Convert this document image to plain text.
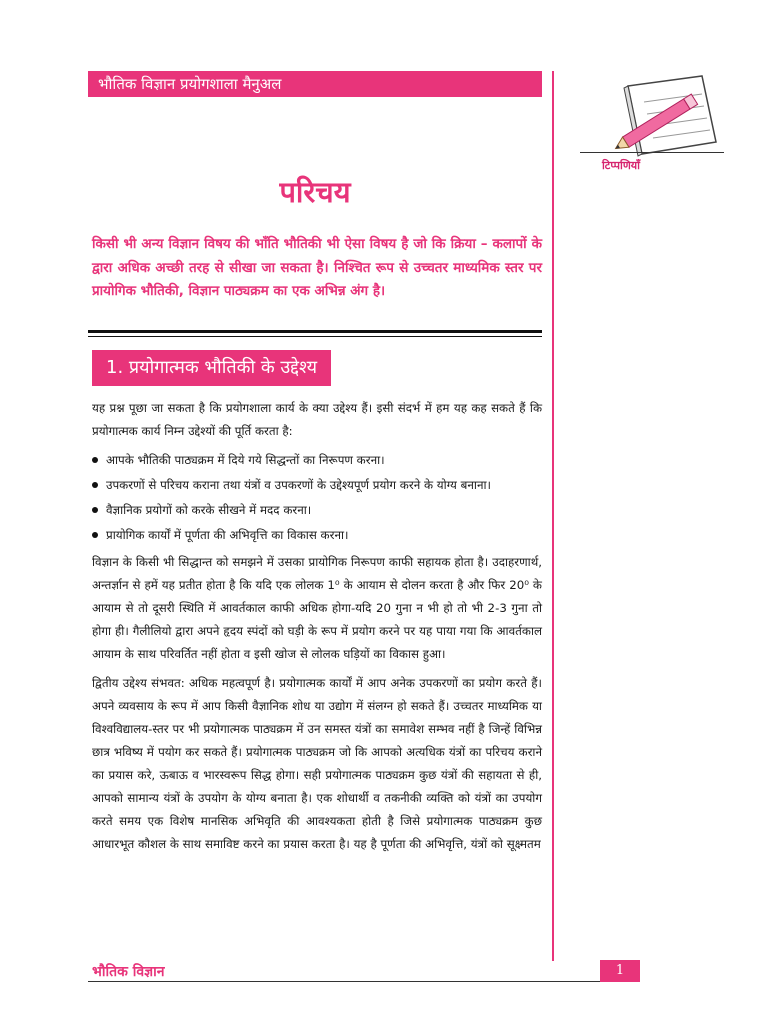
भौतिक विज्ञान प्रयोगशाला मैनुअल
टिप्पणियाँ
परिचय

किसी भी अन्य विज्ञान विषय की भाँति भौतिकी भी ऐसा विषय है जो कि क्रिया – कलापों के द्वारा अधिक अच्छी तरह से सीखा जा सकता है। निश्चित रूप से उच्चतर माध्यमिक स्तर पर प्रायोगिक भौतिकी, विज्ञान पाठ्यक्रम का एक अभिन्न अंग है।

1. प्रयोगात्मक भौतिकी के उद्देश्य

यह प्रश्न पूछा जा सकता है कि प्रयोगशाला कार्य के क्या उद्देश्य हैं। इसी संदर्भ में हम यह कह सकते हैं कि प्रयोगात्मक कार्य निम्न उद्देश्यों की पूर्ति करता है:

आपके भौतिकी पाठ्यक्रम में दिये गये सिद्धन्तों का निरूपण करना।
उपकरणों से परिचय कराना तथा यंत्रों व उपकरणों के उद्देश्यपूर्ण प्रयोग करने के योग्य बनाना।
वैज्ञानिक प्रयोगों को करके सीखने में मदद करना।
प्रायोगिक कार्यों में पूर्णता की अभिवृत्ति का विकास करना।

विज्ञान के किसी भी सिद्धान्त को समझने में उसका प्रायोगिक निरूपण काफी सहायक होता है। उदाहरणार्थ, अन्तर्ज्ञान से हमें यह प्रतीत होता है कि यदि एक लोलक 1⁰ के आयाम से दोलन करता है और फिर 20⁰ के आयाम से तो दूसरी स्थिति में आवर्तकाल काफी अधिक होगा-यदि 20 गुना न भी हो तो भी 2-3 गुना तो होगा ही। गैलीलियो द्वारा अपने हृदय स्पंदों को घड़ी के रूप में प्रयोग करने पर यह पाया गया कि आवर्तकाल आयाम के साथ परिवर्तित नहीं होता व इसी खोज से लोलक घड़ियों का विकास हुआ।

द्वितीय उद्देश्य संभवत: अधिक महत्वपूर्ण है। प्रयोगात्मक कार्यों में आप अनेक उपकरणों का प्रयोग करते हैं। अपने व्यवसाय के रूप में आप किसी वैज्ञानिक शोध या उद्योग में संलग्न हो सकते हैं। उच्चतर माध्यमिक या विश्वविद्यालय-स्तर पर भी प्रयोगात्मक पाठ्यक्रम में उन समस्त यंत्रों का समावेश सम्भव नहीं है जिन्हें विभिन्न छात्र भविष्य में पयोग कर सकते हैं। प्रयोगात्मक पाठ्यक्रम जो कि आपको अत्यधिक यंत्रों का परिचय कराने का प्रयास करे, ऊबाऊ व भारस्वरूप सिद्ध होगा। सही प्रयोगात्मक पाठ्यक्रम कुछ यंत्रों की सहायता से ही, आपको सामान्य यंत्रों के उपयोग के योग्य बनाता है। एक शोधार्थी व तकनीकी व्यक्ति को यंत्रों का उपयोग करते समय एक विशेष मानसिक अभिवृति की आवश्यकता होती है जिसे प्रयोगात्मक पाठ्यक्रम कुछ आधारभूत कौशल के साथ समाविष्ट करने का प्रयास करता है। यह है पूर्णता की अभिवृत्ति, यंत्रों को सूक्ष्मतम

भौतिक विज्ञान	1
